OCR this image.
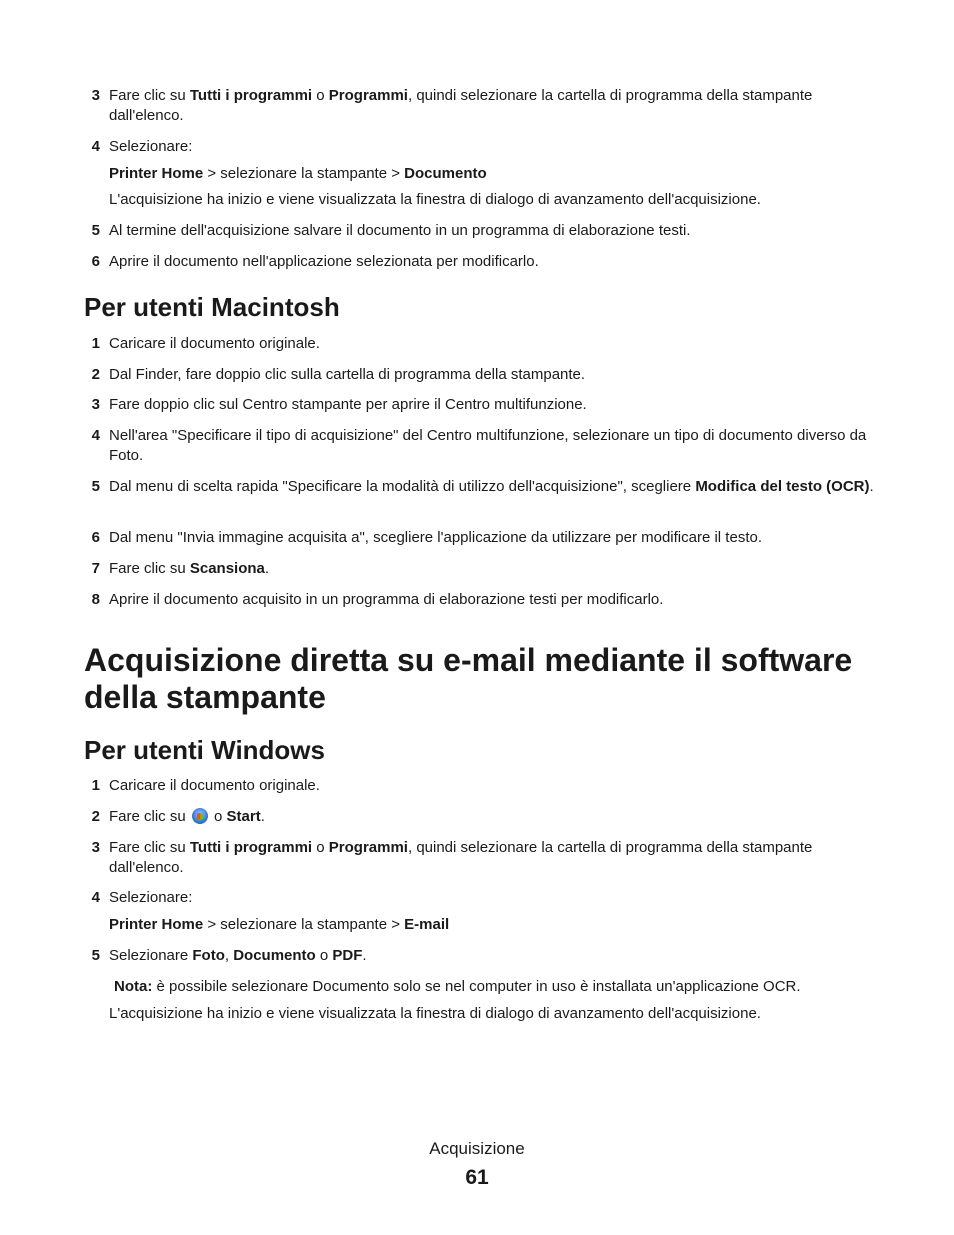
3 Fare clic su Tutti i programmi o Programmi, quindi selezionare la cartella di programma della stampante dall'elenco.
4 Selezionare:
Printer Home > selezionare la stampante > Documento
L'acquisizione ha inizio e viene visualizzata la finestra di dialogo di avanzamento dell'acquisizione.
5 Al termine dell'acquisizione salvare il documento in un programma di elaborazione testi.
6 Aprire il documento nell'applicazione selezionata per modificarlo.
Per utenti Macintosh
1 Caricare il documento originale.
2 Dal Finder, fare doppio clic sulla cartella di programma della stampante.
3 Fare doppio clic sul Centro stampante per aprire il Centro multifunzione.
4 Nell'area "Specificare il tipo di acquisizione" del Centro multifunzione, selezionare un tipo di documento diverso da Foto.
5 Dal menu di scelta rapida "Specificare la modalità di utilizzo dell'acquisizione", scegliere Modifica del testo (OCR).
6 Dal menu "Invia immagine acquisita a", scegliere l'applicazione da utilizzare per modificare il testo.
7 Fare clic su Scansiona.
8 Aprire il documento acquisito in un programma di elaborazione testi per modificarlo.
Acquisizione diretta su e-mail mediante il software della stampante
Per utenti Windows
1 Caricare il documento originale.
2 Fare clic su  o Start.
3 Fare clic su Tutti i programmi o Programmi, quindi selezionare la cartella di programma della stampante dall'elenco.
4 Selezionare:
Printer Home > selezionare la stampante > E-mail
5 Selezionare Foto, Documento o PDF.
Nota: è possibile selezionare Documento solo se nel computer in uso è installata un'applicazione OCR.
L'acquisizione ha inizio e viene visualizzata la finestra di dialogo di avanzamento dell'acquisizione.
Acquisizione
61
